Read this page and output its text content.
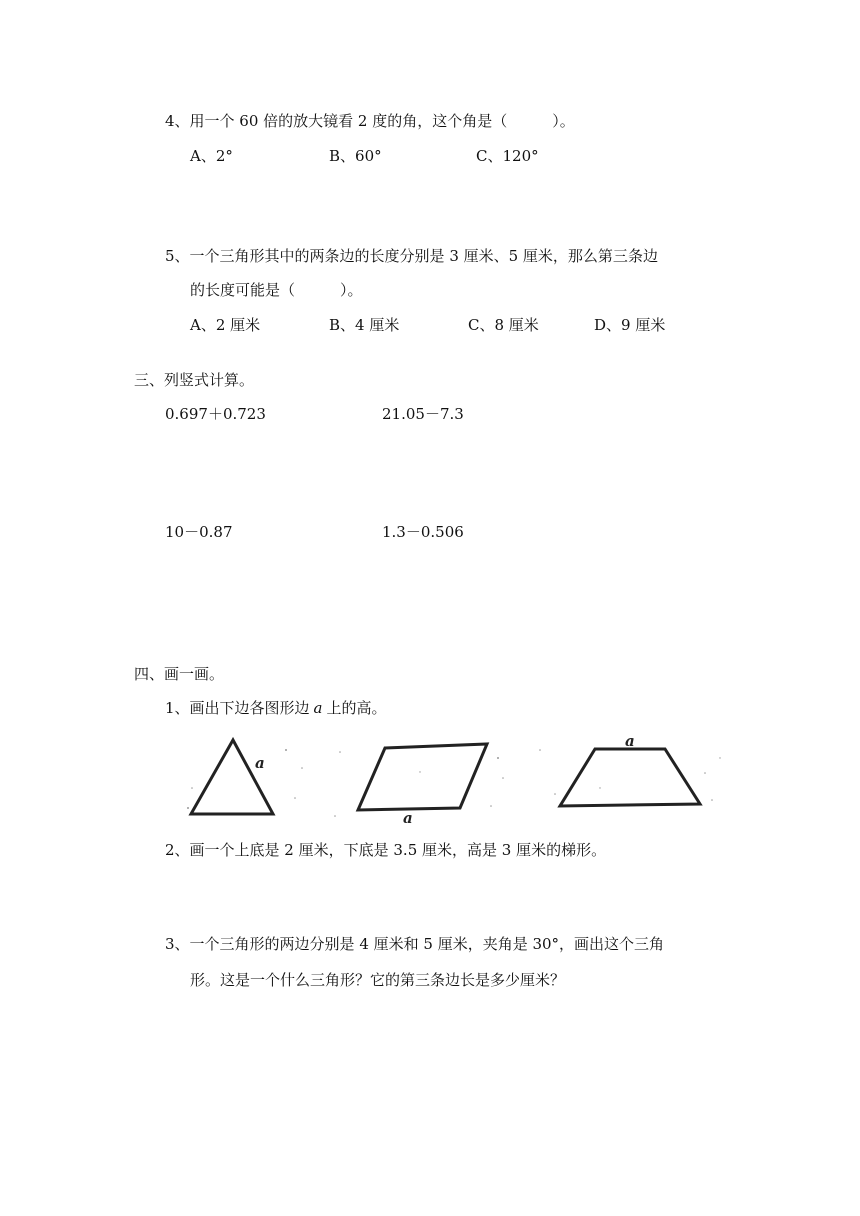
4、用一个 60 倍的放大镜看 2 度的角，这个角是（　　　）。
A、2°	B、60°	C、120°
5、一个三角形其中的两条边的长度分别是 3 厘米、5 厘米，那么第三条边
的长度可能是（　　　）。
A、2 厘米	B、4 厘米	C、8 厘米	D、9 厘米
三、列竖式计算。
0.697＋0.723	21.05－7.3
10－0.87	1.3－0.506
四、画一画。
1、画出下边各图形边 a 上的高。
a
a
a
2、画一个上底是 2 厘米，下底是 3.5 厘米，高是 3 厘米的梯形。
3、一个三角形的两边分别是 4 厘米和 5 厘米，夹角是 30°，画出这个三角
形。这是一个什么三角形？它的第三条边长是多少厘米？
